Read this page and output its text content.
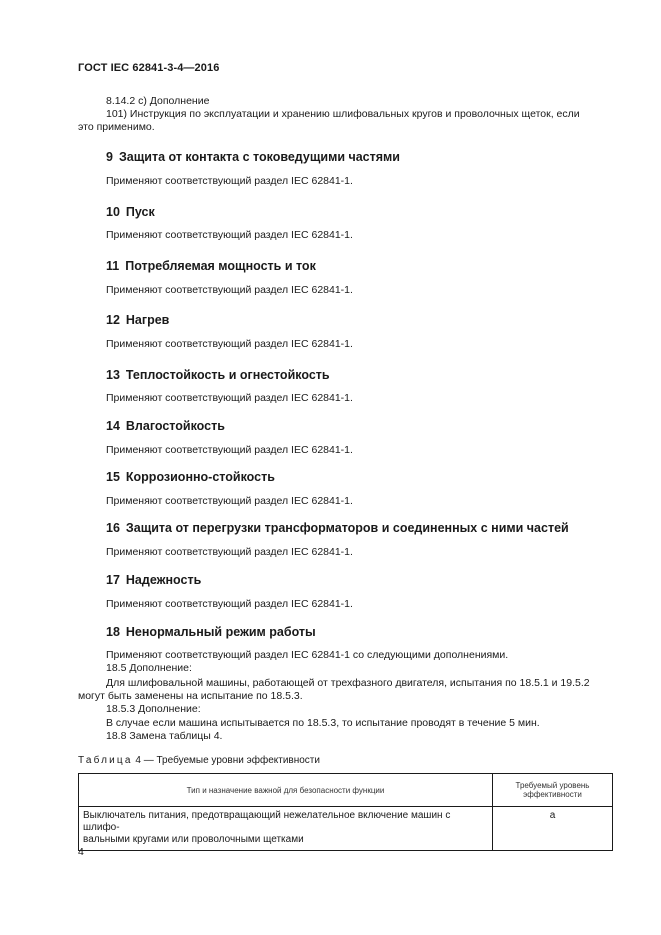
ГОСТ IEC 62841-3-4—2016
8.14.2 c) Дополнение
101) Инструкция по эксплуатации и хранению шлифовальных кругов и проволочных щеток, если
это применимо.
9 Защита от контакта с токоведущими частями
Применяют соответствующий раздел IEC 62841-1.
10 Пуск
Применяют соответствующий раздел IEC 62841-1.
11 Потребляемая мощность и ток
Применяют соответствующий раздел IEC 62841-1.
12 Нагрев
Применяют соответствующий раздел IEC 62841-1.
13 Теплостойкость и огнестойкость
Применяют соответствующий раздел IEC 62841-1.
14 Влагостойкость
Применяют соответствующий раздел IEC 62841-1.
15 Коррозионно-стойкость
Применяют соответствующий раздел IEC 62841-1.
16 Защита от перегрузки трансформаторов и соединенных с ними частей
Применяют соответствующий раздел IEC 62841-1.
17 Надежность
Применяют соответствующий раздел IEC 62841-1.
18 Ненормальный режим работы
Применяют соответствующий раздел IEC 62841-1 со следующими дополнениями.
18.5 Дополнение:
Для шлифовальной машины, работающей от трехфазного двигателя, испытания по 18.5.1 и 19.5.2
могут быть заменены на испытание по 18.5.3.
18.5.3 Дополнение:
В случае если машина испытывается по 18.5.3, то испытание проводят в течение 5 мин.
18.8 Замена таблицы 4.
Таблица 4 — Требуемые уровни эффективности
Тип и назначение важной для безопасности функции	Требуемый уровень
эффективности

Выключатель питания, предотвращающий нежелательное включение машин с шлифо-
вальными кругами или проволочными щетками	a
4
